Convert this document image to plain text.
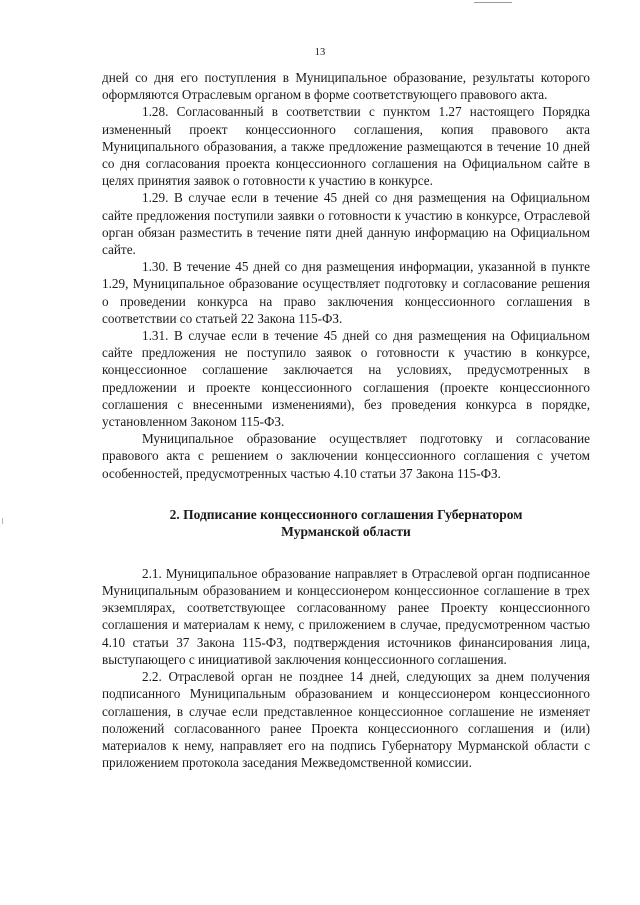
13

дней со дня его поступления в Муниципальное образование, результаты которого оформляются Отраслевым органом в форме соответствующего правового акта.

1.28. Согласованный в соответствии с пунктом 1.27 настоящего Порядка измененный проект концессионного соглашения, копия правового акта Муниципального образования, а также предложение размещаются в течение 10 дней со дня согласования проекта концессионного соглашения на Официальном сайте в целях принятия заявок о готовности к участию в конкурсе.

1.29. В случае если в течение 45 дней со дня размещения на Официальном сайте предложения поступили заявки о готовности к участию в конкурсе, Отраслевой орган обязан разместить в течение пяти дней данную информацию на Официальном сайте.

1.30. В течение 45 дней со дня размещения информации, указанной в пункте 1.29, Муниципальное образование осуществляет подготовку и согласование решения о проведении конкурса на право заключения концессионного соглашения в соответствии со статьей 22 Закона 115-ФЗ.

1.31. В случае если в течение 45 дней со дня размещения на Официальном сайте предложения не поступило заявок о готовности к участию в конкурсе, концессионное соглашение заключается на условиях, предусмотренных в предложении и проекте концессионного соглашения (проекте концессионного соглашения с внесенными изменениями), без проведения конкурса в порядке, установленном Законом 115-ФЗ.

Муниципальное образование осуществляет подготовку и согласование правового акта с решением о заключении концессионного соглашения с учетом особенностей, предусмотренных частью 4.10 статьи 37 Закона 115-ФЗ.

2. Подписание концессионного соглашения Губернатором
Мурманской области

2.1. Муниципальное образование направляет в Отраслевой орган подписанное Муниципальным образованием и концессионером концессионное соглашение в трех экземплярах, соответствующее согласованному ранее Проекту концессионного соглашения и материалам к нему, с приложением в случае, предусмотренном частью 4.10 статьи 37 Закона 115-ФЗ, подтверждения источников финансирования лица, выступающего с инициативой заключения концессионного соглашения.

2.2. Отраслевой орган не позднее 14 дней, следующих за днем получения подписанного Муниципальным образованием и концессионером концессионного соглашения, в случае если представленное концессионное соглашение не изменяет положений согласованного ранее Проекта концессионного соглашения и (или) материалов к нему, направляет его на подпись Губернатору Мурманской области с приложением протокола заседания Межведомственной комиссии.
